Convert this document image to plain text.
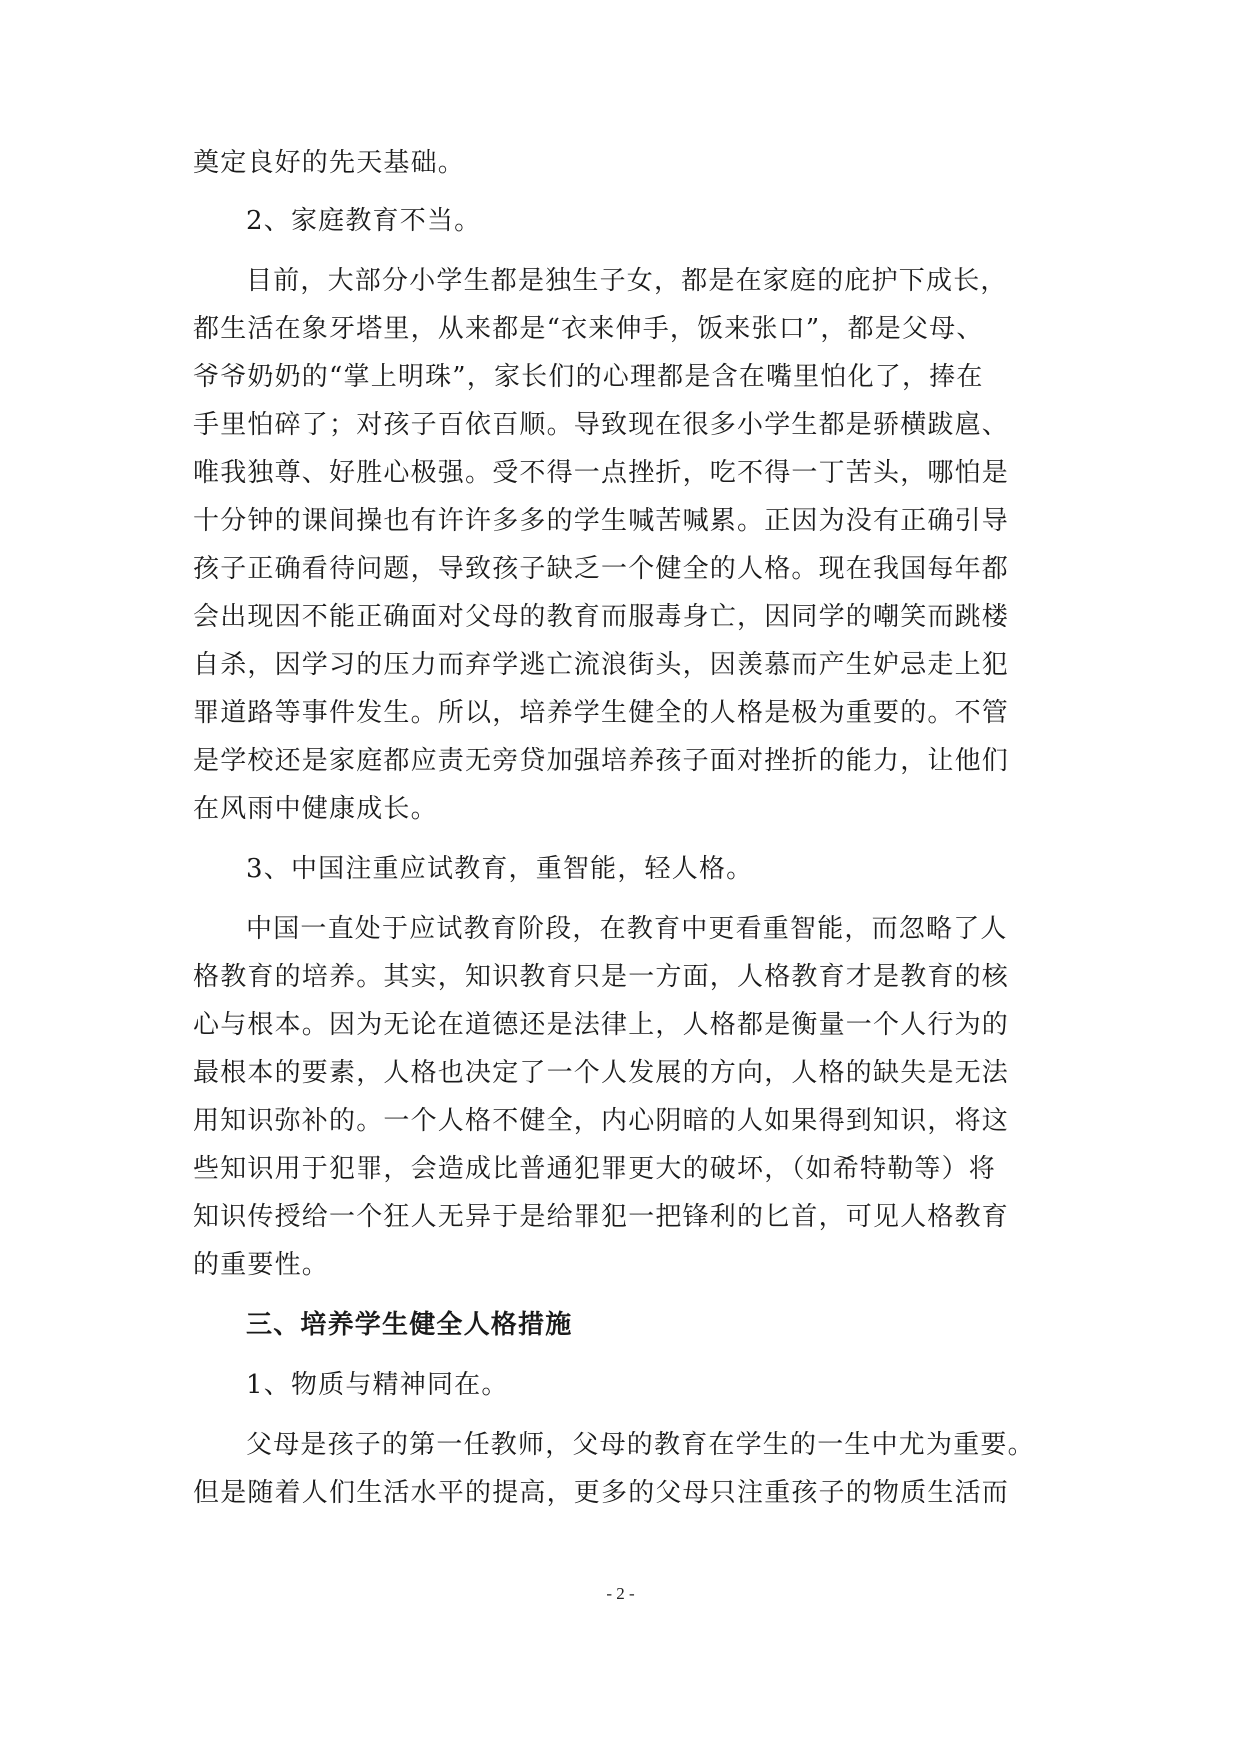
奠定良好的先天基础。
2、家庭教育不当。
目前，大部分小学生都是独生子女，都是在家庭的庇护下成长，
都生活在象牙塔里，从来都是“衣来伸手，饭来张口”，都是父母、
爷爷奶奶的“掌上明珠”，家长们的心理都是含在嘴里怕化了，捧在
手里怕碎了；对孩子百依百顺。导致现在很多小学生都是骄横跋扈、
唯我独尊、好胜心极强。受不得一点挫折，吃不得一丁苦头，哪怕是
十分钟的课间操也有许许多多的学生喊苦喊累。正因为没有正确引导
孩子正确看待问题，导致孩子缺乏一个健全的人格。现在我国每年都
会出现因不能正确面对父母的教育而服毒身亡，因同学的嘲笑而跳楼
自杀，因学习的压力而弃学逃亡流浪街头，因羡慕而产生妒忌走上犯
罪道路等事件发生。所以，培养学生健全的人格是极为重要的。不管
是学校还是家庭都应责无旁贷加强培养孩子面对挫折的能力，让他们
在风雨中健康成长。
3、中国注重应试教育，重智能，轻人格。
中国一直处于应试教育阶段，在教育中更看重智能，而忽略了人
格教育的培养。其实，知识教育只是一方面，人格教育才是教育的核
心与根本。因为无论在道德还是法律上，人格都是衡量一个人行为的
最根本的要素，人格也决定了一个人发展的方向，人格的缺失是无法
用知识弥补的。一个人格不健全，内心阴暗的人如果得到知识，将这
些知识用于犯罪，会造成比普通犯罪更大的破坏，（如希特勒等）将
知识传授给一个狂人无异于是给罪犯一把锋利的匕首，可见人格教育
的重要性。
三、培养学生健全人格措施
1、物质与精神同在。
父母是孩子的第一任教师，父母的教育在学生的一生中尤为重要。
但是随着人们生活水平的提高，更多的父母只注重孩子的物质生活而
- 2 -
